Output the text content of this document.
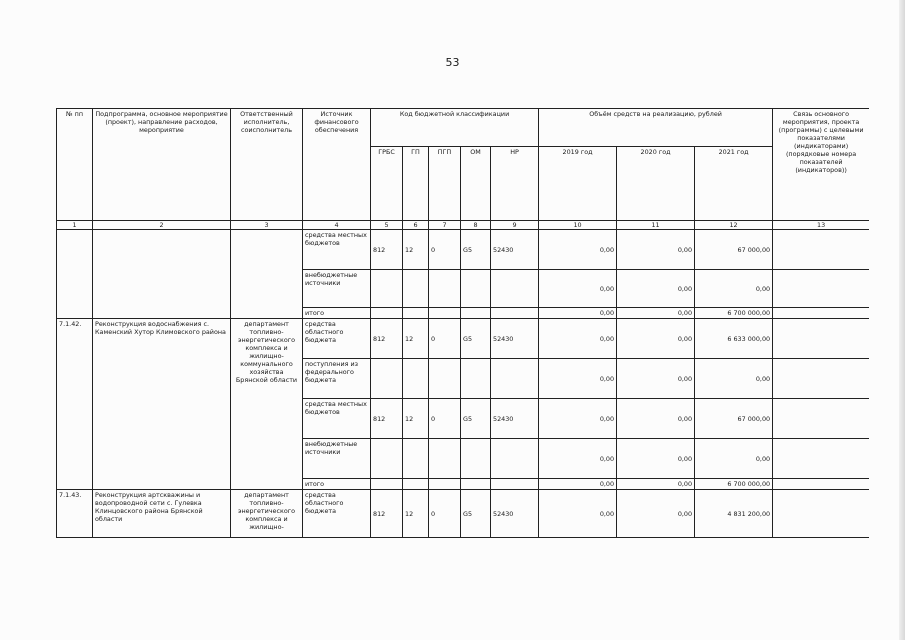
53
№ пп	Подпрограмма, основное мероприятие (проект), направление расходов, мероприятие	Ответственный исполнитель, соисполнитель	Источник финансового обеспечения	Код бюджетной классификации					Объём средств на реализацию, рублей			Связь основного мероприятия, проекта (программы) с целевыми показателями (индикаторами) (порядковые номера показателей (индикаторов))
				ГРБС	ГП	ПГП	ОМ	НР	2019 год	2020 год	2021 год	
1	2	3	4	5	6	7	8	9	10	11	12	13
			средства местных бюджетов	812	12	0	G5	52430	0,00	0,00	67 000,00	
			внебюджетные источники						0,00	0,00	0,00	
			итого						0,00	0,00	6 700 000,00	
7.1.42.	Реконструкция водоснабжения с. Каменский Хутор Климовского района	департамент топливно-энергетического комплекса и жилищно-коммунального хозяйства Брянской области	средства областного бюджета	812	12	0	G5	52430	0,00	0,00	6 633 000,00	
			поступления из федерального бюджета						0,00	0,00	0,00	
			средства местных бюджетов	812	12	0	G5	52430	0,00	0,00	67 000,00	
			внебюджетные источники						0,00	0,00	0,00	
			итого						0,00	0,00	6 700 000,00	
7.1.43.	Реконструкция артскважины и водопроводной сети с. Гулевка Клинцовского района Брянской области	департамент топливно-энергетического комплекса и жилищно-	средства областного бюджета	812	12	0	G5	52430	0,00	0,00	4 831 200,00	
